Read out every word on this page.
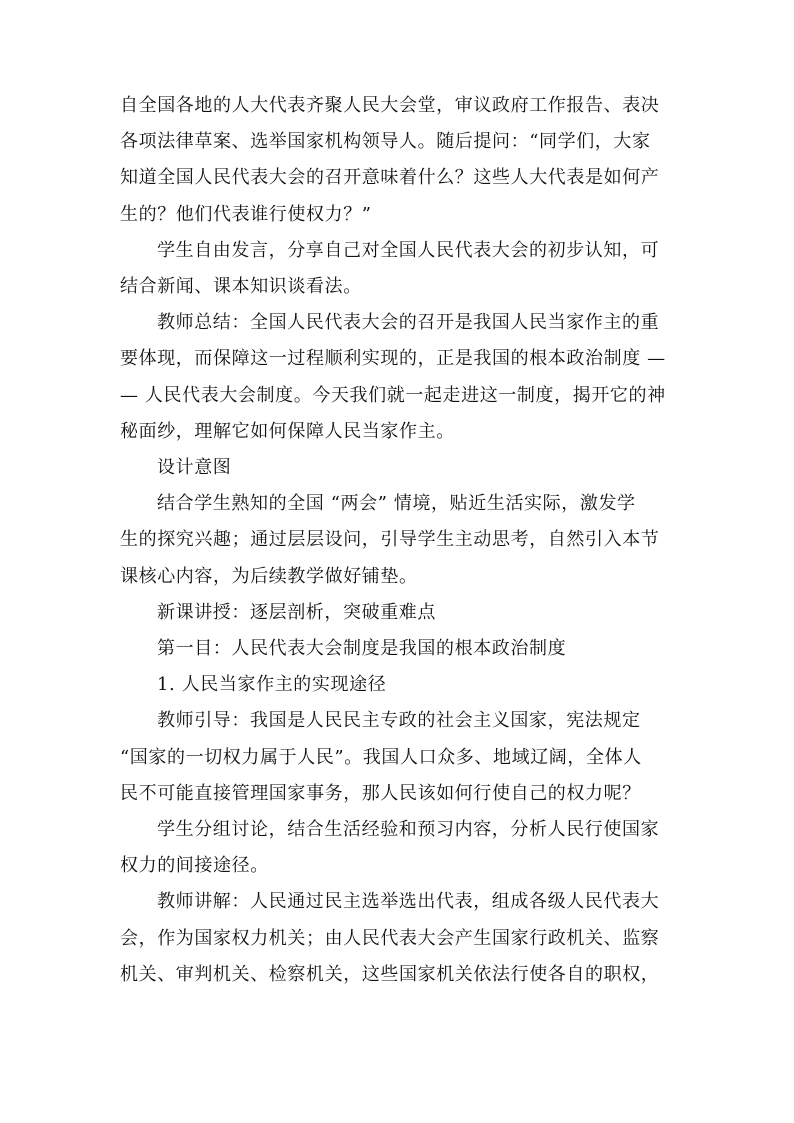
自全国各地的人大代表齐聚人民大会堂，审议政府工作报告、表决
各项法律草案、选举国家机构领导人。随后提问：“同学们，大家
知道全国人民代表大会的召开意味着什么？这些人大代表是如何产
生的？他们代表谁行使权力？”

学生自由发言，分享自己对全国人民代表大会的初步认知，可
结合新闻、课本知识谈看法。

教师总结：全国人民代表大会的召开是我国人民当家作主的重
要体现，而保障这一过程顺利实现的，正是我国的根本政治制度 —
— 人民代表大会制度。今天我们就一起走进这一制度，揭开它的神
秘面纱，理解它如何保障人民当家作主。

设计意图

结合学生熟知的全国 “两会” 情境，贴近生活实际，激发学
生的探究兴趣；通过层层设问，引导学生主动思考，自然引入本节
课核心内容，为后续教学做好铺垫。

新课讲授：逐层剖析，突破重难点

第一目：人民代表大会制度是我国的根本政治制度

1. 人民当家作主的实现途径

教师引导：我国是人民民主专政的社会主义国家，宪法规定
“国家的一切权力属于人民”。我国人口众多、地域辽阔，全体人
民不可能直接管理国家事务，那人民该如何行使自己的权力呢？

学生分组讨论，结合生活经验和预习内容，分析人民行使国家
权力的间接途径。

教师讲解：人民通过民主选举选出代表，组成各级人民代表大
会，作为国家权力机关；由人民代表大会产生国家行政机关、监察
机关、审判机关、检察机关，这些国家机关依法行使各自的职权，
